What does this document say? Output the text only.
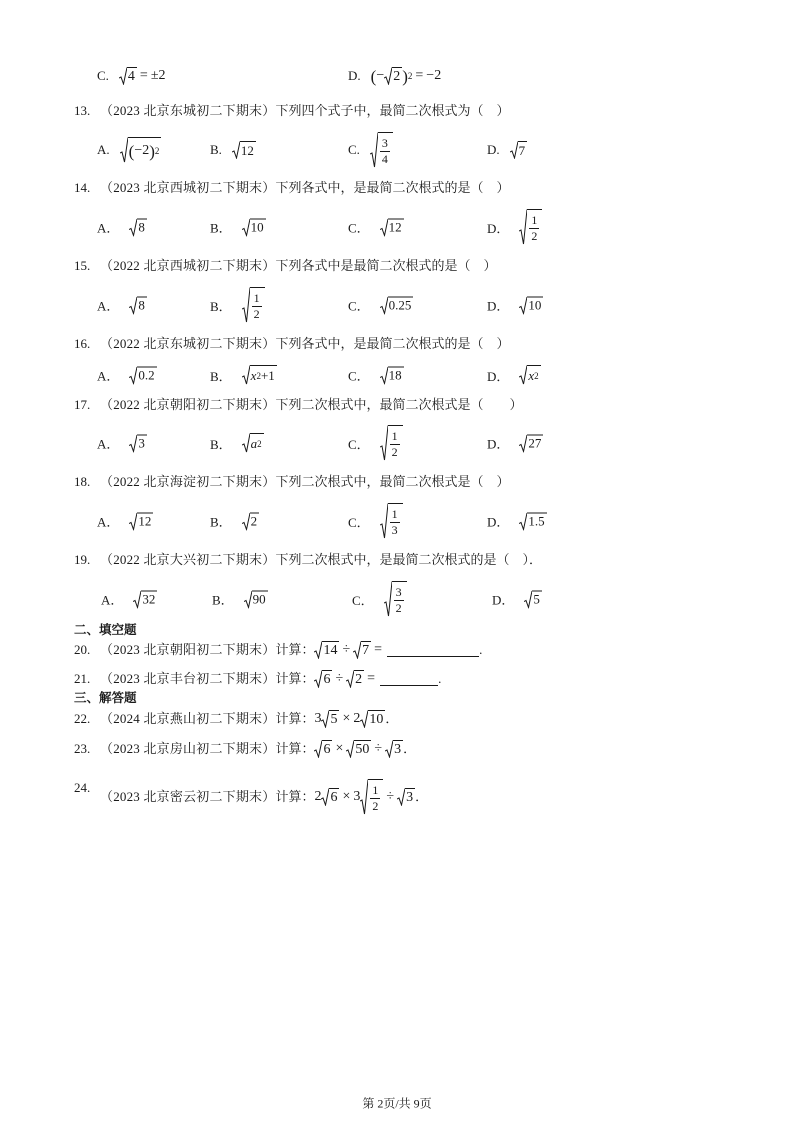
C. 4 = ±2	D. ( − 2 ) 2 = −2
13. （2023 北京东城初二下期末）下列四个式子中，最简二次根式为（　）
A. ( −2 ) 2	B. 12	C. $\frac{3}{4}$	D. 7
14. （2023 北京西城初二下期末）下列各式中，是最简二次根式的是（　）
A． 8	B． 10	C． 12	D． $\frac{1}{2}$
15. （2022 北京西城初二下期末）下列各式中是最简二次根式的是（　）
A． 8	B． $\frac{1}{2}$	C． 0.25	D． 10
16. （2022 北京东城初二下期末）下列各式中，是最简二次根式的是（　）
A． 0.2	B． x 2 +1	C． 18	D． x 2
17. （2022 北京朝阳初二下期末）下列二次根式中，最简二次根式是（　　）
A． 3	B． a 2	C． $\frac{1}{2}$	D． 27
18. （2022 北京海淀初二下期末）下列二次根式中，最简二次根式是（　）
A． 12	B． 2	C． $\frac{1}{3}$	D． 1.5
19. （2022 北京大兴初二下期末）下列二次根式中，是最简二次根式的是（　）．
A． 32	B． 90	C． $\frac{3}{2}$	D． 5
二、填空题
20. （2023 北京朝阳初二下期末） 计算： 14 ÷ 7 =	.
21. （2023 北京丰台初二下期末） 计算： 6 ÷ 2 =	.
三、解答题
22. （2024 北京燕山初二下期末） 计算： 3 5 × 2 10 ．
23. （2023 北京房山初二下期末） 计算： 6 × 50 ÷ 3 ．
24.
（2023 北京密云初二下期末） 计算： 2 $6 \times 3 \frac{1}{2} \div 3$ ．
第 2页/共 9页
